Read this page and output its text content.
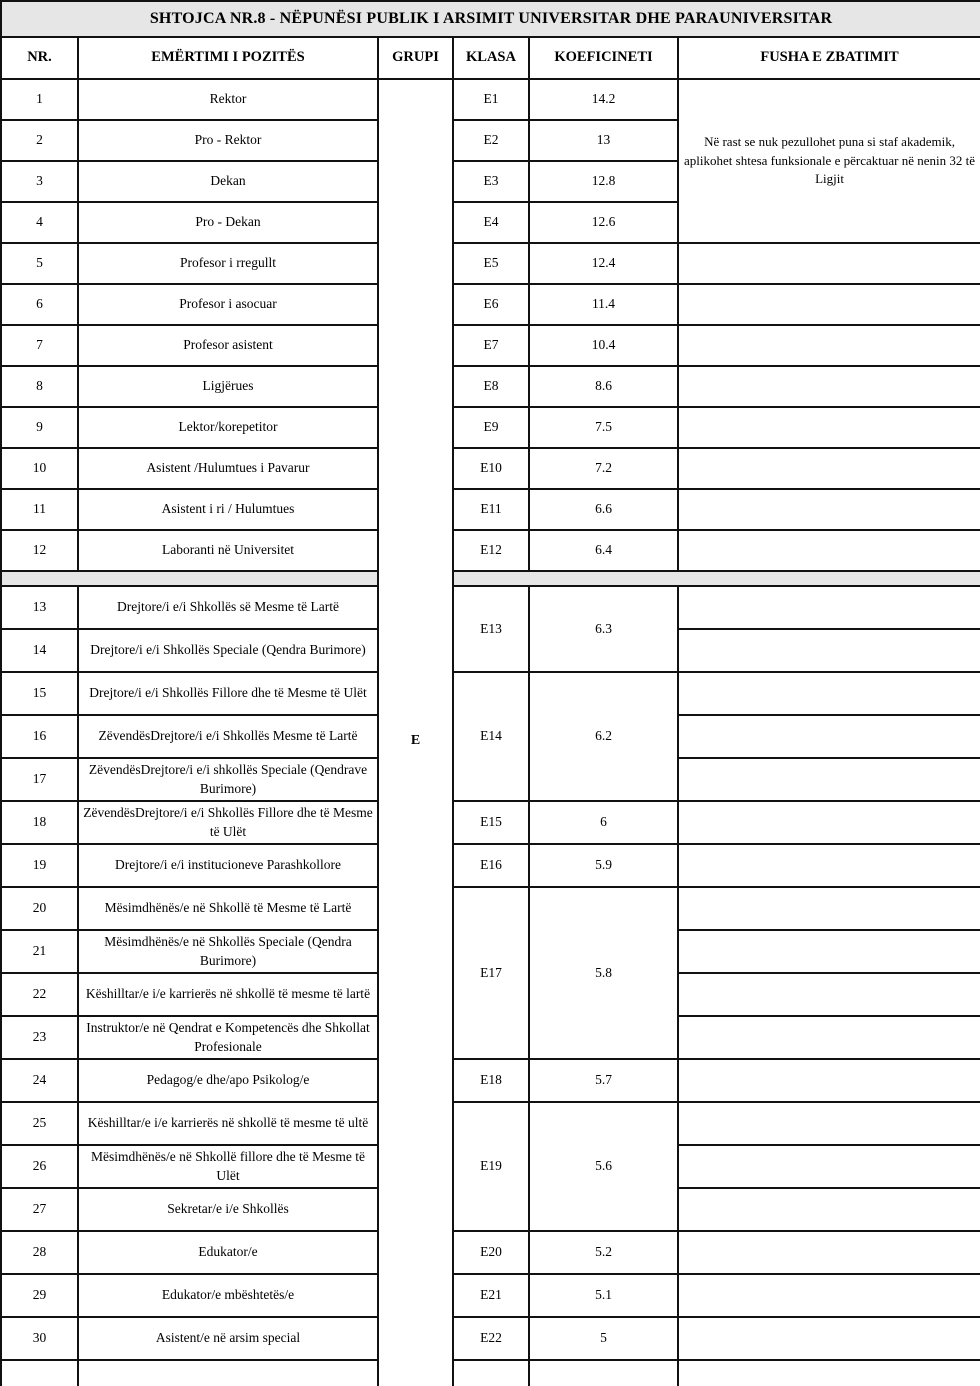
SHTOJCA NR.8 - NËPUNËSI PUBLIK I ARSIMIT UNIVERSITAR DHE PARAUNIVERSITAR					
NR.	EMËRTIMI I POZITËS	GRUPI	KLASA	KOEFICINETI	FUSHA E ZBATIMIT
1	Rektor	E	E1	14.2	Në rast se nuk pezullohet puna si staf akademik, aplikohet shtesa funksionale e përcaktuar në nenin 32 të Ligjit
2	Pro - Rektor		E2	13	
3	Dekan		E3	12.8	
4	Pro - Dekan		E4	12.6	
5	Profesor i rregullt		E5	12.4	
6	Profesor i asocuar		E6	11.4	
7	Profesor asistent		E7	10.4	
8	Ligjërues		E8	8.6	
9	Lektor/korepetitor		E9	7.5	
10	Asistent /Hulumtues i Pavarur		E10	7.2	
11	Asistent i ri / Hulumtues		E11	6.6	
12	Laboranti në Universitet		E12	6.4	

13	Drejtore/i e/i Shkollës së Mesme të Lartë		E13	6.3	
14	Drejtore/i e/i Shkollës Speciale (Qendra Burimore)				
15	Drejtore/i e/i Shkollës Fillore dhe të Mesme të Ulët		E14	6.2	
16	ZëvendësDrejtore/i e/i Shkollës Mesme të Lartë				
17	ZëvendësDrejtore/i e/i shkollës Speciale (Qendrave Burimore)				
18	ZëvendësDrejtore/i e/i Shkollës Fillore dhe të Mesme të Ulët		E15	6	
19	Drejtore/i e/i institucioneve Parashkollore		E16	5.9	
20	Mësimdhënës/e në Shkollë të Mesme të Lartë		E17	5.8	
21	Mësimdhënës/e në Shkollës Speciale (Qendra Burimore)				
22	Këshilltar/e i/e karrierës në shkollë të mesme të lartë				
23	Instruktor/e në Qendrat e Kompetencës dhe Shkollat Profesionale				
24	Pedagog/e dhe/apo Psikolog/e		E18	5.7	
25	Këshilltar/e i/e karrierës në shkollë të mesme të ultë		E19	5.6	
26	Mësimdhënës/e në Shkollë fillore dhe të Mesme të Ulët				
27	Sekretar/e i/e Shkollës				
28	Edukator/e		E20	5.2	
29	Edukator/e mbështetës/e		E21	5.1	
30	Asistent/e në arsim special		E22	5	
